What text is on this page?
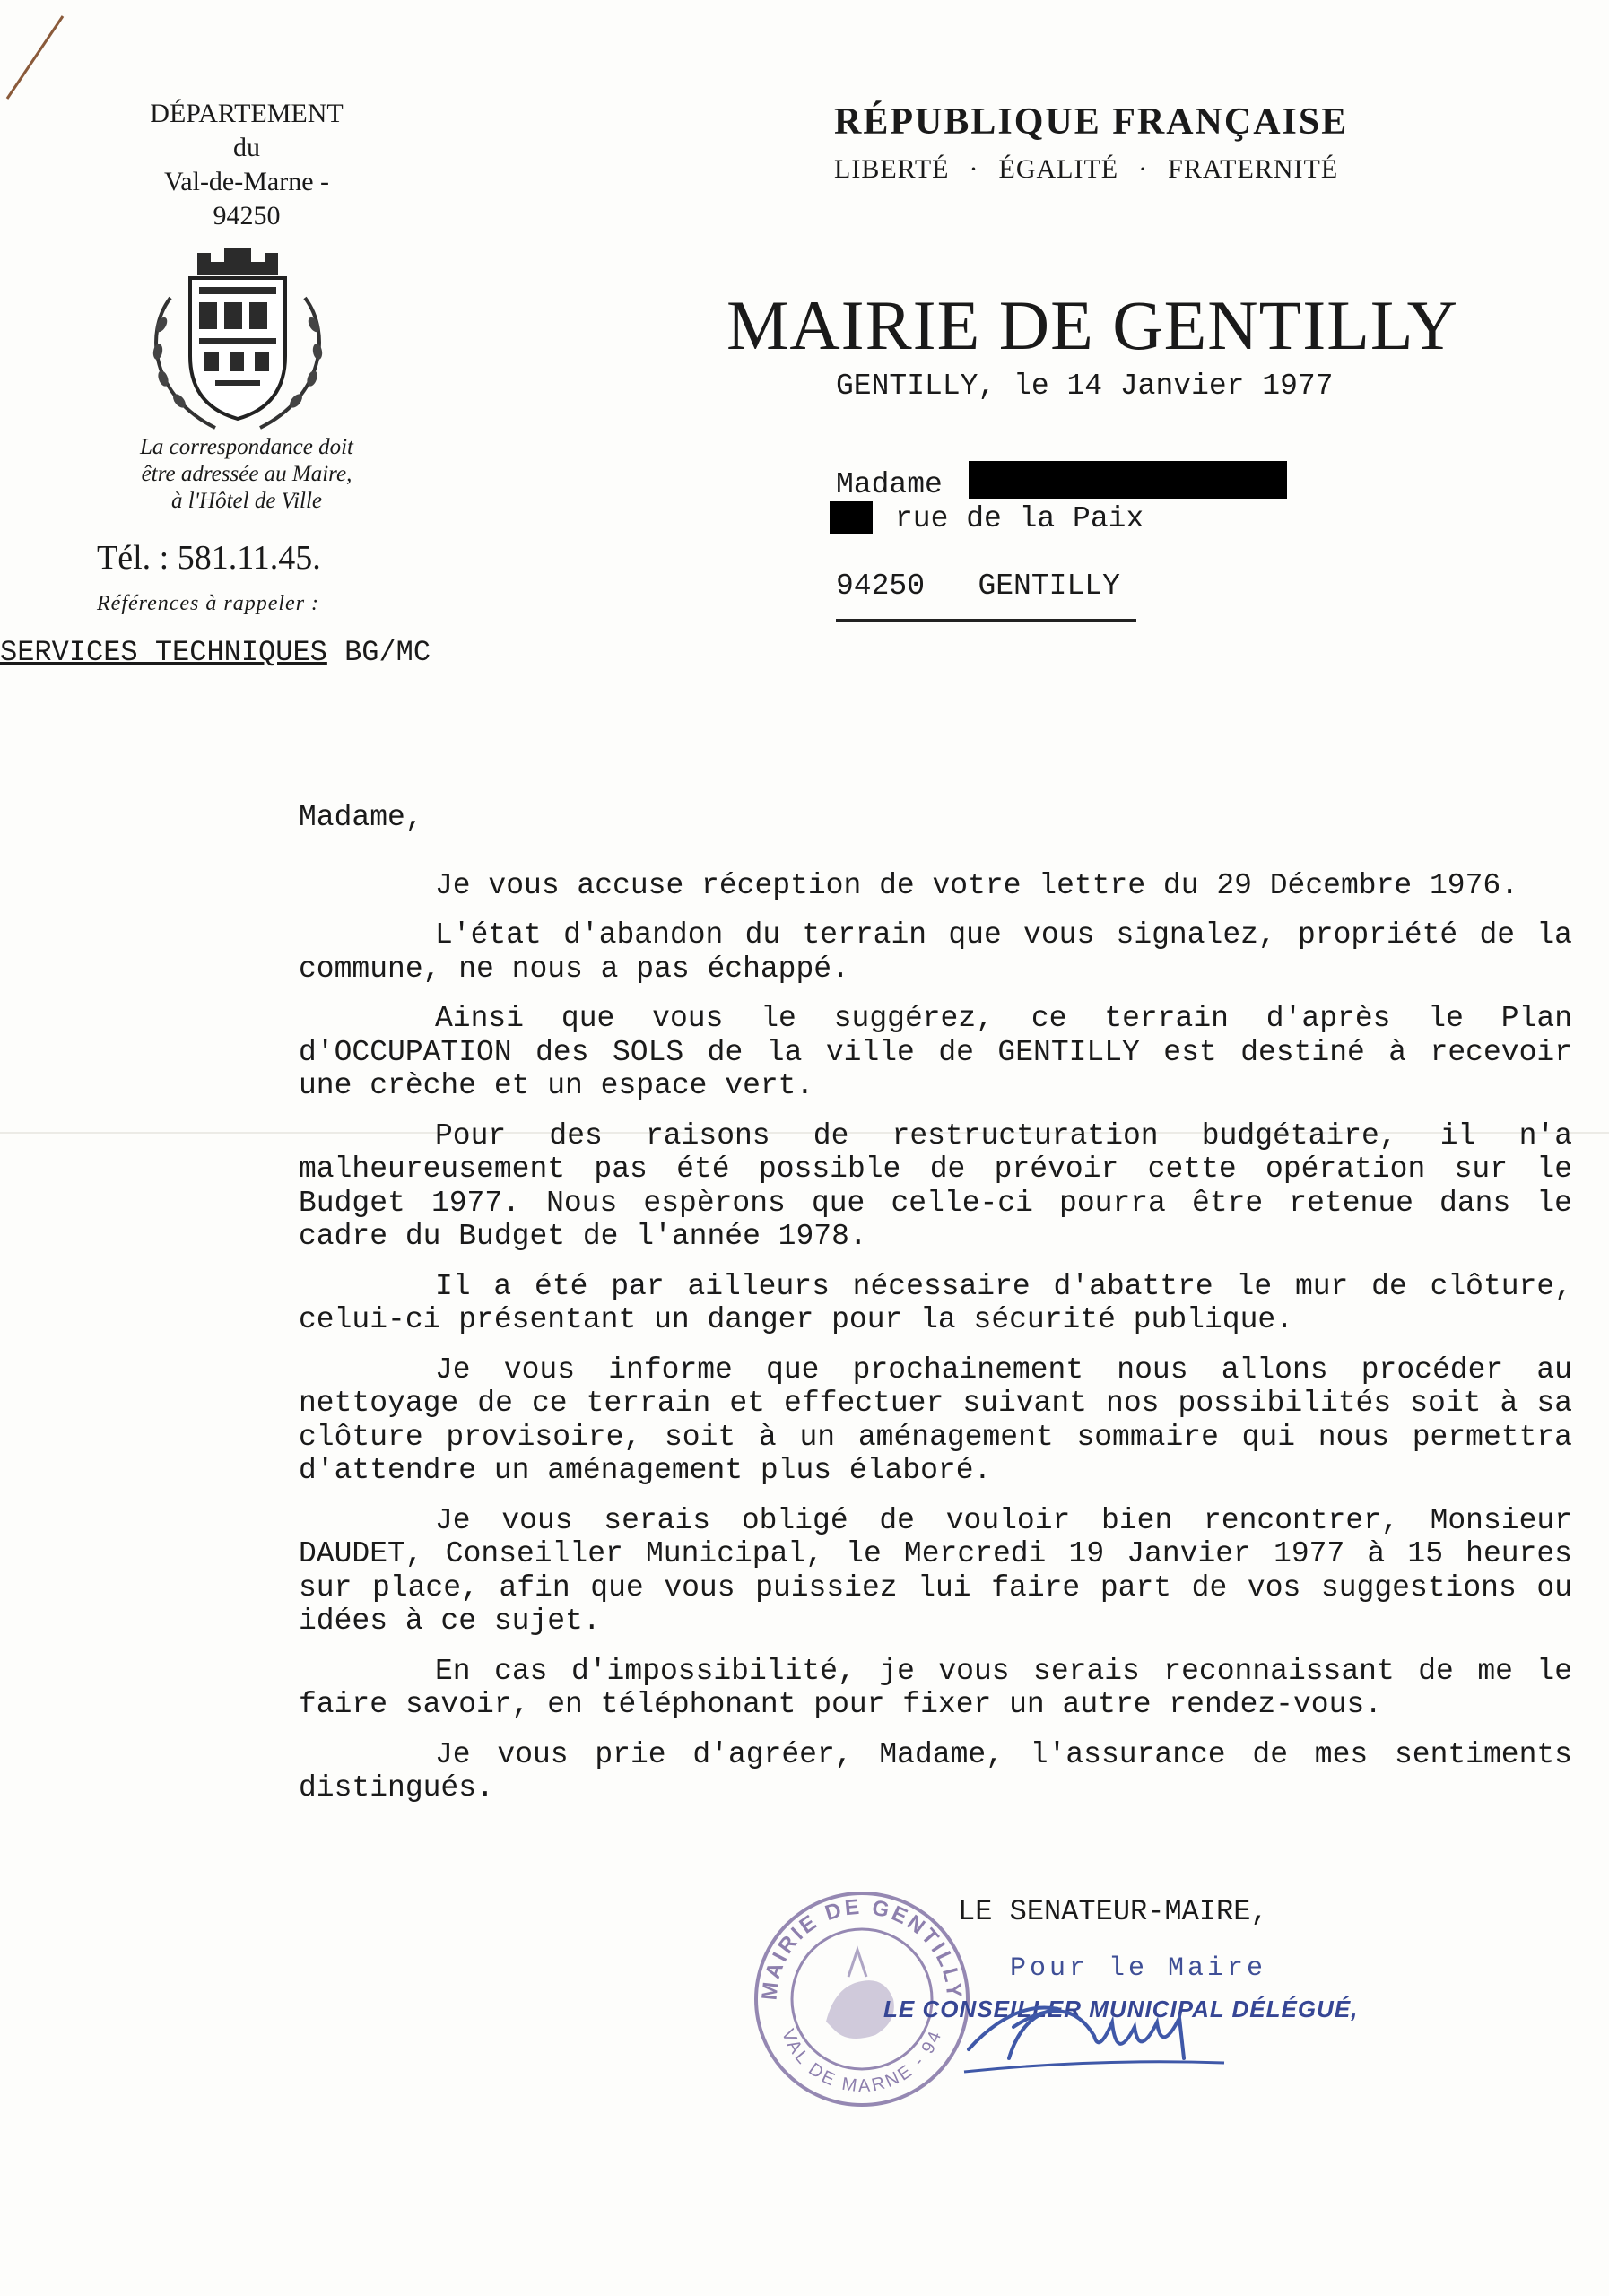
DÉPARTEMENT
du
Val-de-Marne -
94250
La correspondance doit
être adressée au Maire,
à l'Hôtel de Ville
Tél. : 581.11.45.
Références à rappeler :
SERVICES TECHNIQUES BG/MC
RÉPUBLIQUE FRANÇAISE
LIBERTÉ · ÉGALITÉ · FRATERNITÉ
MAIRIE DE GENTILLY
GENTILLY, le 14 Janvier 1977
Madame
rue de la Paix
94250 GENTILLY

Madame,

Je vous accuse réception de votre lettre du 29 Décembre 1976.

L'état d'abandon du terrain que vous signalez, propriété de la commune, ne nous a pas échappé.

Ainsi que vous le suggérez, ce terrain d'après le Plan d'OCCUPATION des SOLS de la ville de GENTILLY est destiné à recevoir une crèche et un espace vert.

Pour des raisons de restructuration budgétaire, il n'a malheureusement pas été possible de prévoir cette opération sur le Budget 1977. Nous espèrons que celle-ci pourra être retenue dans le cadre du Budget de l'année 1978.

Il a été par ailleurs nécessaire d'abattre le mur de clôture, celui-ci présentant un danger pour la sécurité publique.

Je vous informe que prochainement nous allons procéder au nettoyage de ce terrain et effectuer suivant nos possibilités soit à sa clôture provisoire, soit à un aménagement sommaire qui nous permettra d'attendre un aménagement plus élaboré.

Je vous serais obligé de vouloir bien rencontrer, Monsieur DAUDET, Conseiller Municipal, le Mercredi 19 Janvier 1977 à 15 heures sur place, afin que vous puissiez lui faire part de vos suggestions ou idées à ce sujet.

En cas d'impossibilité, je vous serais reconnaissant de me le faire savoir, en téléphonant pour fixer un autre rendez-vous.

Je vous prie d'agréer, Madame, l'assurance de mes sentiments distingués.

MAIRIE DE GENTILLY
VAL DE MARNE - 94
LE SENATEUR-MAIRE,
Pour le Maire
LE CONSEILLER MUNICIPAL DÉLÉGUÉ,
